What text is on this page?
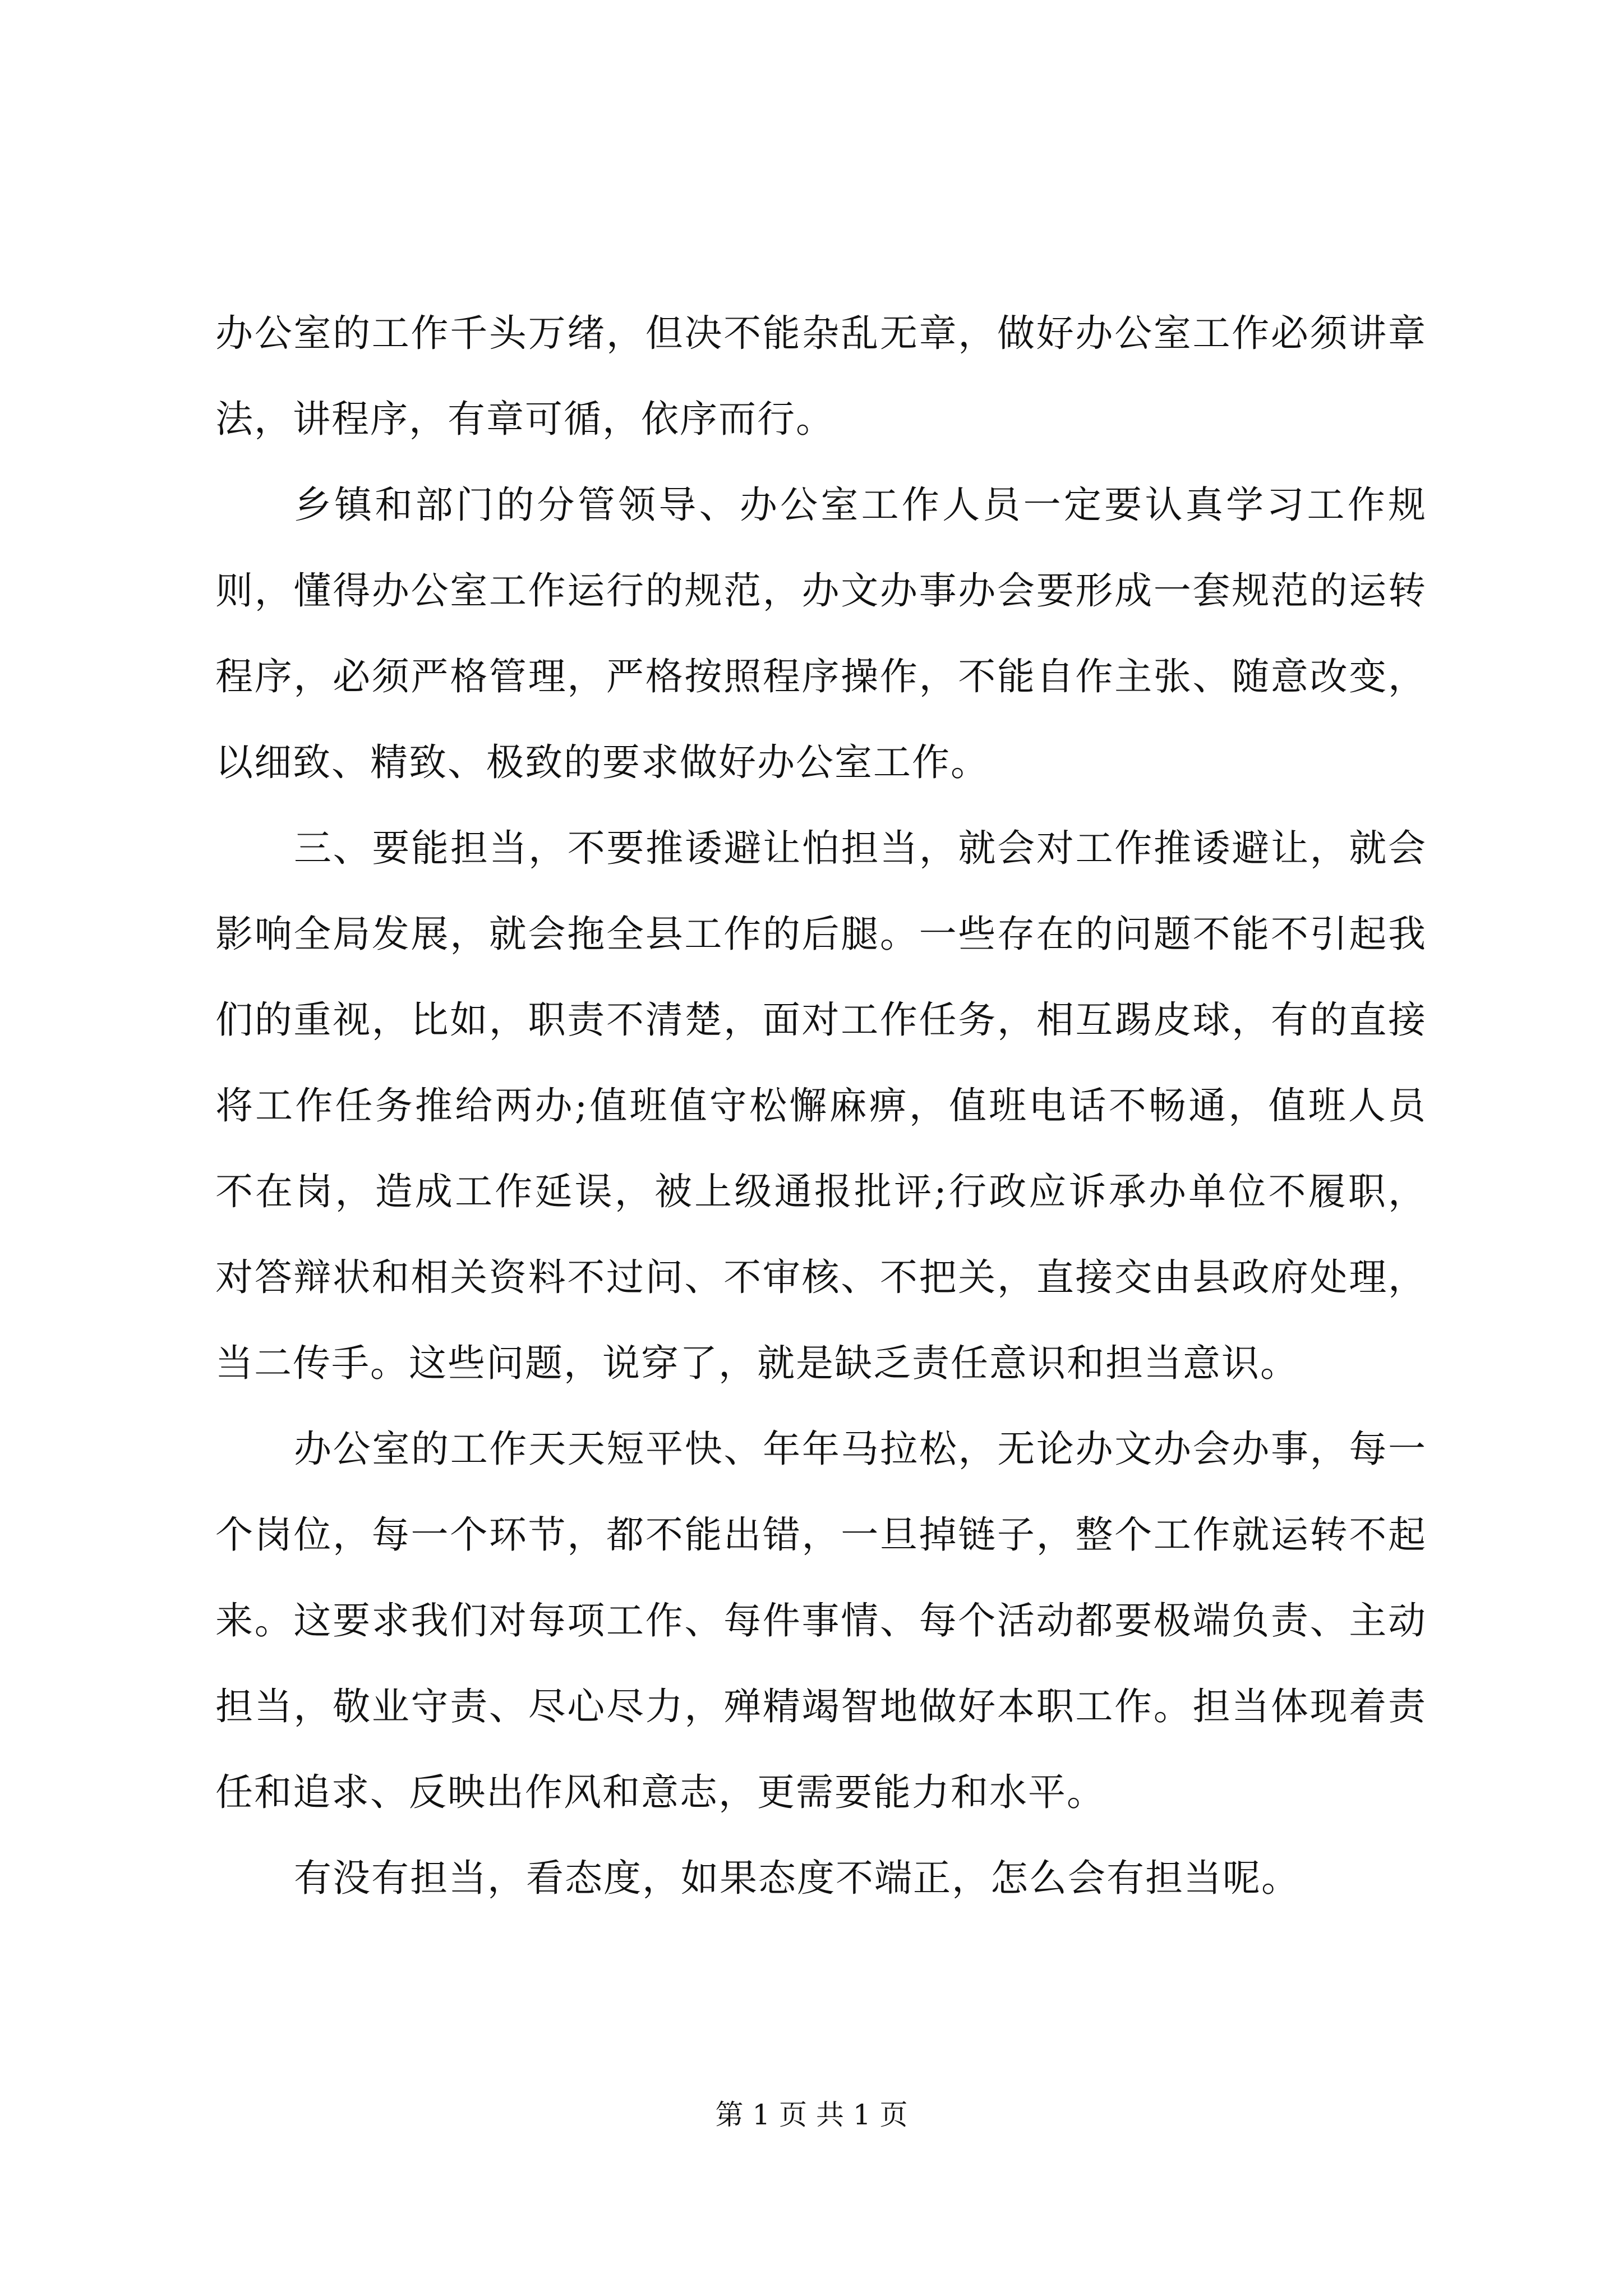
办公室的工作千头万绪，但决不能杂乱无章，做好办公室工作必须讲章法，讲程序，有章可循，依序而行。

乡镇和部门的分管领导、办公室工作人员一定要认真学习工作规则，懂得办公室工作运行的规范，办文办事办会要形成一套规范的运转程序，必须严格管理，严格按照程序操作，不能自作主张、随意改变，以细致、精致、极致的要求做好办公室工作。

三、要能担当，不要推诿避让怕担当，就会对工作推诿避让，就会影响全局发展，就会拖全县工作的后腿。一些存在的问题不能不引起我们的重视，比如，职责不清楚，面对工作任务，相互踢皮球，有的直接将工作任务推给两办;值班值守松懈麻痹，值班电话不畅通，值班人员不在岗，造成工作延误，被上级通报批评;行政应诉承办单位不履职，对答辩状和相关资料不过问、不审核、不把关，直接交由县政府处理，当二传手。这些问题，说穿了，就是缺乏责任意识和担当意识。

办公室的工作天天短平快、年年马拉松，无论办文办会办事，每一个岗位，每一个环节，都不能出错，一旦掉链子，整个工作就运转不起来。这要求我们对每项工作、每件事情、每个活动都要极端负责、主动担当，敬业守责、尽心尽力，殚精竭智地做好本职工作。担当体现着责任和追求、反映出作风和意志，更需要能力和水平。

有没有担当，看态度，如果态度不端正，怎么会有担当呢。

第 1 页 共 1 页
